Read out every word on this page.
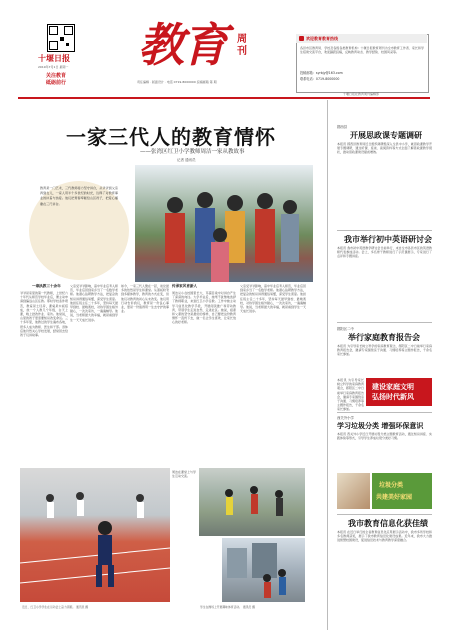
十堰日报
2019年7月1日 星期一
关注教育
砥砺前行
教育 周刊
责任编辑 · 版面设计 · 电话 0719-8000000 投稿邮箱 第 期
欢迎教育教育热线
各县市区教育局、学校及各级各类教育机构：十堰日报教育周刊为全市教育工作者、家长和学生搭建交流平台，欢迎踊跃投稿，反映教育动态、教学经验、校园风采等。
投稿邮箱：syrbjy@163.com
联系电话：0719-8000000
十堰日报社教育周刊编辑部
一家三代人的教育情怀
——张湾区红卫小学教师周洁一家从教故事
记者 通讯员
教育是一门艺术，三代教师接力坚守讲台，从爷爷到父亲再到女儿，一家人用半个多世纪的时光，诠释了对教育事业的执着与热爱。他们把青春奉献给山区孩子，把爱心播撒在三尺讲台。
一辈执教三十余年
爷爷是家里的第一代教师，上世纪六十年代从师范学校毕业后，便主动申请到偏远山区任教。那时学校条件艰苦，教室是土坯房，课桌是木板搭成，他一个人教几个年级，白天上课，晚上批改作业、家访。他常说，山里的孩子更需要知识改变命运。三十多年里，他教过的学生遍布各地，很多人成为教师、医生和干部。退休后他仍然关心学校发展，经常回去给孩子们讲故事。
父亲受爷爷影响，高中毕业后考入师范，毕业后回到家乡当了一名数学老师。他潜心钻研教学方法，把复杂的知识讲得通俗易懂，深受学生喜爱。他担任班主任二十多年，坚持每天最早到校、最晚离校，对待学困生格外耐心，一次次家访，一遍遍辅导。他说，当老师最大的幸福，就是看到学生一天天成长进步。
如今，一家三代人聚在一起，谈论最多的依然是学生和课堂。从黑板粉笔到多媒体教学，教育的方式在变，但他们对教育的初心从未改变。他们用行动告诉我们，教育是一份良心事业，更是一份值得用一生去守护的事业。
传承家风育新人
周洁从小在校园里长大，耳濡目染中对讲台产生了深深的向往。大学毕业后，她毫不犹豫地选择了教师职业，来到红卫小学任教。工作中她主动学习信息化教学手段，开展阅读推广和劳动教育，带领学生走进自然、走进社区。她说，祖辈和父辈的坚守是最好的榜样，自己要把这份教育情怀一直传下去，做一名让学生喜欢、让家长放心的好老师。
父亲受爷爷影响，高中毕业后考入师范，毕业后回到家乡当了一名数学老师。他潜心钻研教学方法，把复杂的知识讲得通俗易懂，深受学生喜爱。他担任班主任二十多年，坚持每天最早到校、最晚离校，对待学困生格外耐心，一次次家访，一遍遍辅导。他说，当老师最大的幸福，就是看到学生一天天成长进步。
近日，红卫小学学生在运动会上奋力奔跑。 通讯员 摄
周洁在课堂上与学生互动交流。
学生在操场上开展趣味体育活动。 通讯员 摄
郧西县
开展思政课专题调研
本报讯 郧西县教育局近日组织调研组深入全县中小学，就思政课教学开展专题调研，通过听课、座谈、查阅资料等方式全面了解思政课教学现状，推动思政课建设提质增效。
我市举行初中英语研讨会
本报讯 我市初中英语教学研讨会日前举行，来自全市各县市区的英语教师代表参加活动。会上，多名骨干教师进行了示范课展示，专家进行了点评和专题讲座。
郧阳区二中
举行家庭教育报告会
本报讯 为引导家长树立科学的家庭教育观念，郧阳区二中日前举行家庭教育报告会，邀请专家围绕亲子沟通、习惯培养等主题作报告，千余名家长参加。
本报讯 为引导家长树立科学的家庭教育观念，郧阳区二中日前举行家庭教育报告会，邀请专家围绕亲子沟通、习惯培养等主题作报告，千余名家长参加。
建设家庭文明
弘扬时代新风
西关外小学
学习垃圾分类 增强环保意识
本报讯 西关外小学近日开展垃圾分类主题教育活动，通过知识讲座、实践体验等形式，引导学生养成垃圾分类好习惯。
垃圾分类
共建美好家园
我市教育信息化获佳绩
本报讯 在近日举行的全省教育信息化应用展示活动中，我市多所学校和多名教师获奖，展示了我市教育信息化建设成果。近年来，我市大力推进智慧校园建设，促进信息技术与教育教学深度融合。
